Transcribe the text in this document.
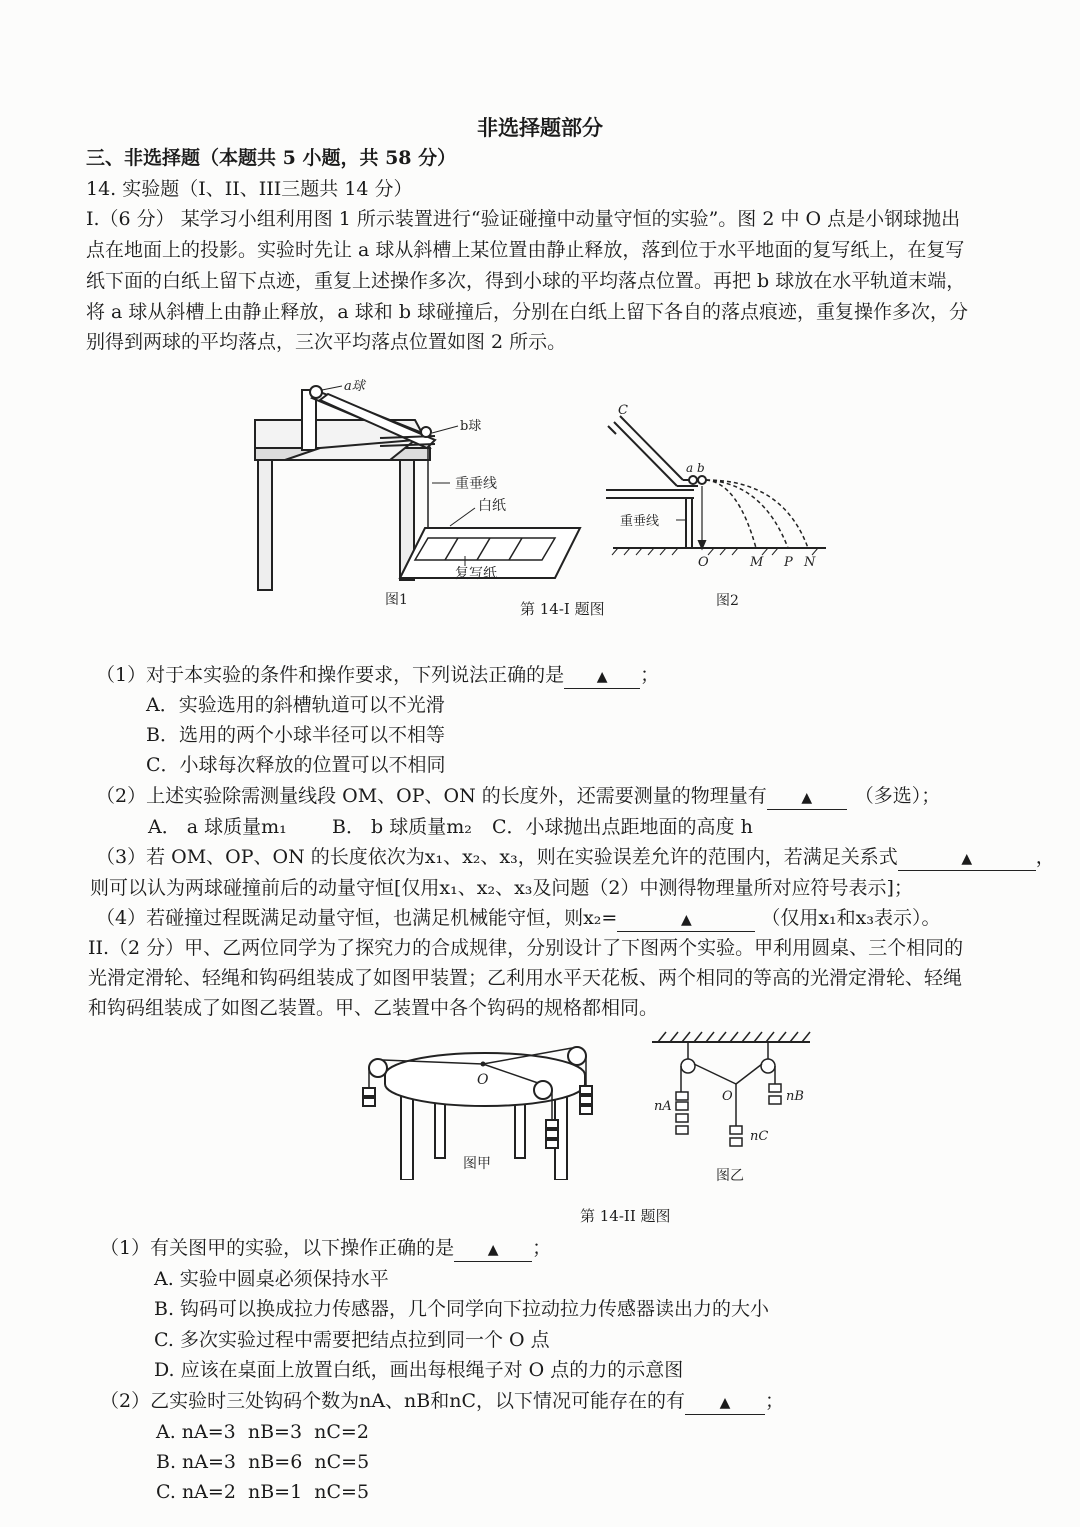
非选择题部分
三、非选择题（本题共 5 小题，共 58 分）
14. 实验题（I、II、III三题共 14 分）
I.（6 分） 某学习小组利用图 1 所示装置进行“验证碰撞中动量守恒的实验”。图 2 中 O 点是小钢球抛出
点在地面上的投影。实验时先让 a 球从斜槽上某位置由静止释放，落到位于水平地面的复写纸上，在复写
纸下面的白纸上留下点迹，重复上述操作多次，得到小球的平均落点位置。再把 b 球放在水平轨道末端，
将 a 球从斜槽上由静止释放，a 球和 b 球碰撞后，分别在白纸上留下各自的落点痕迹，重复操作多次，分
别得到两球的平均落点，三次平均落点位置如图 2 所示。
a球
b球
重垂线
白纸
复写纸
图1	第 14-I 题图
C
a b
重垂线
O	M P N
图2
（1）对于本实验的条件和操作要求，下列说法正确的是 ▲ ；
A．实验选用的斜槽轨道可以不光滑
B．选用的两个小球半径可以不相等
C．小球每次释放的位置可以不相同
（2）上述实验除需测量线段 OM、OP、ON 的长度外，还需要测量的物理量有 ▲ （多选）；
A． a 球质量m₁ B． b 球质量m₂ C．小球抛出点距地面的高度 h
（3）若 OM、OP、ON 的长度依次为x₁、x₂、x₃，则在实验误差允许的范围内，若满足关系式	▲	，
则可以认为两球碰撞前后的动量守恒[仅用x₁、x₂、x₃及问题（2）中测得物理量所对应符号表示]；
（4）若碰撞过程既满足动量守恒，也满足机械能守恒，则x₂=	▲	（仅用x₁和x₃表示）。
II.（2 分）甲、乙两位同学为了探究力的合成规律，分别设计了下图两个实验。甲利用圆桌、三个相同的
光滑定滑轮、轻绳和钩码组装成了如图甲装置；乙利用水平天花板、两个相同的等高的光滑定滑轮、轻绳
和钩码组装成了如图乙装置。甲、乙装置中各个钩码的规格都相同。
O
图甲
nA
nB
nC
O
图乙
第 14-II 题图
（1）有关图甲的实验，以下操作正确的是 ▲ ；
A. 实验中圆桌必须保持水平
B. 钩码可以换成拉力传感器，几个同学向下拉动拉力传感器读出力的大小
C. 多次实验过程中需要把结点拉到同一个 O 点
D. 应该在桌面上放置白纸，画出每根绳子对 O 点的力的示意图
（2）乙实验时三处钩码个数为nA、nB和nC，以下情况可能存在的有 ▲ ；
A. nA=3  nB=3  nC=2
B. nA=3  nB=6  nC=5
C. nA=2  nB=1  nC=5
